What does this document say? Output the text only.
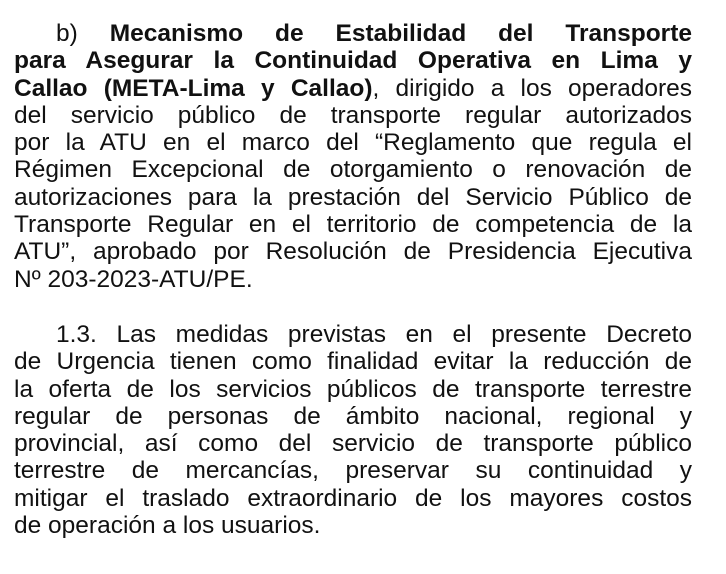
b) Mecanismo de Estabilidad del Transporte
para Asegurar la Continuidad Operativa en Lima y
Callao (META-Lima y Callao), dirigido a los operadores
del servicio público de transporte regular autorizados
por la ATU en el marco del “Reglamento que regula el
Régimen Excepcional de otorgamiento o renovación de
autorizaciones para la prestación del Servicio Público de
Transporte Regular en el territorio de competencia de la
ATU”, aprobado por Resolución de Presidencia Ejecutiva
Nº 203-2023-ATU/PE.
1.3. Las medidas previstas en el presente Decreto
de Urgencia tienen como finalidad evitar la reducción de
la oferta de los servicios públicos de transporte terrestre
regular de personas de ámbito nacional, regional y
provincial, así como del servicio de transporte público
terrestre de mercancías, preservar su continuidad y
mitigar el traslado extraordinario de los mayores costos
de operación a los usuarios.
